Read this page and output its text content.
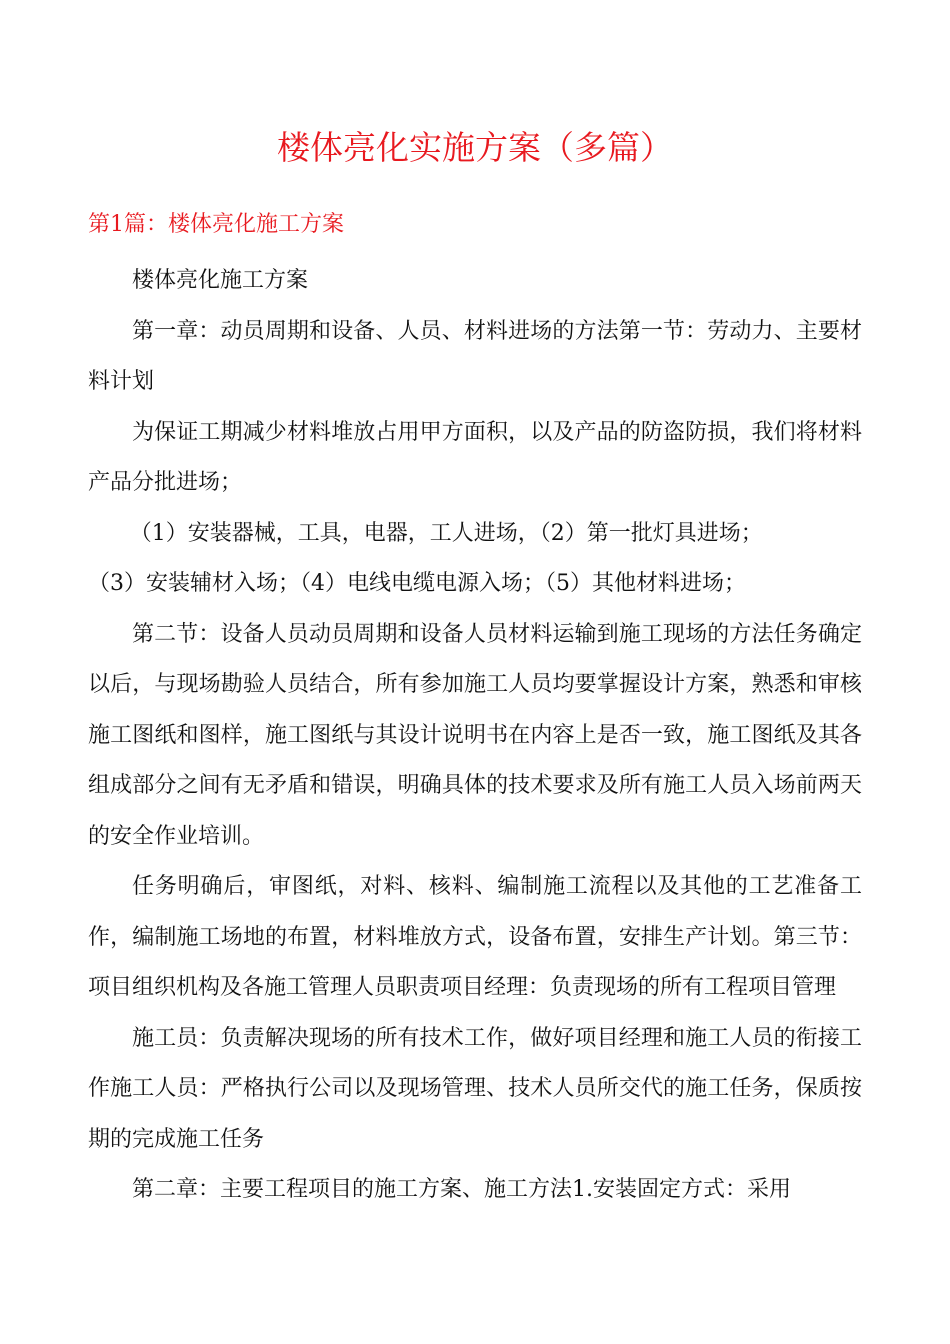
楼体亮化实施方案（多篇）
第1篇：楼体亮化施工方案

楼体亮化施工方案

第一章：动员周期和设备、人员、材料进场的方法第一节：劳动力、主要材料计划

为保证工期减少材料堆放占用甲方面积，以及产品的防盗防损，我们将材料产品分批进场；

（1）安装器械，工具，电器，工人进场，（2）第一批灯具进场；

（3）安装辅材入场；（4）电线电缆电源入场；（5）其他材料进场；

第二节：设备人员动员周期和设备人员材料运输到施工现场的方法任务确定以后，与现场勘验人员结合，所有参加施工人员均要掌握设计方案，熟悉和审核施工图纸和图样，施工图纸与其设计说明书在内容上是否一致，施工图纸及其各组成部分之间有无矛盾和错误，明确具体的技术要求及所有施工人员入场前两天的安全作业培训。

任务明确后，审图纸，对料、核料、编制施工流程以及其他的工艺准备工作，编制施工场地的布置，材料堆放方式，设备布置，安排生产计划。第三节：项目组织机构及各施工管理人员职责项目经理：负责现场的所有工程项目管理

施工员：负责解决现场的所有技术工作，做好项目经理和施工人员的衔接工作施工人员：严格执行公司以及现场管理、技术人员所交代的施工任务，保质按期的完成施工任务

第二章：主要工程项目的施工方案、施工方法1.安装固定方式：采用
